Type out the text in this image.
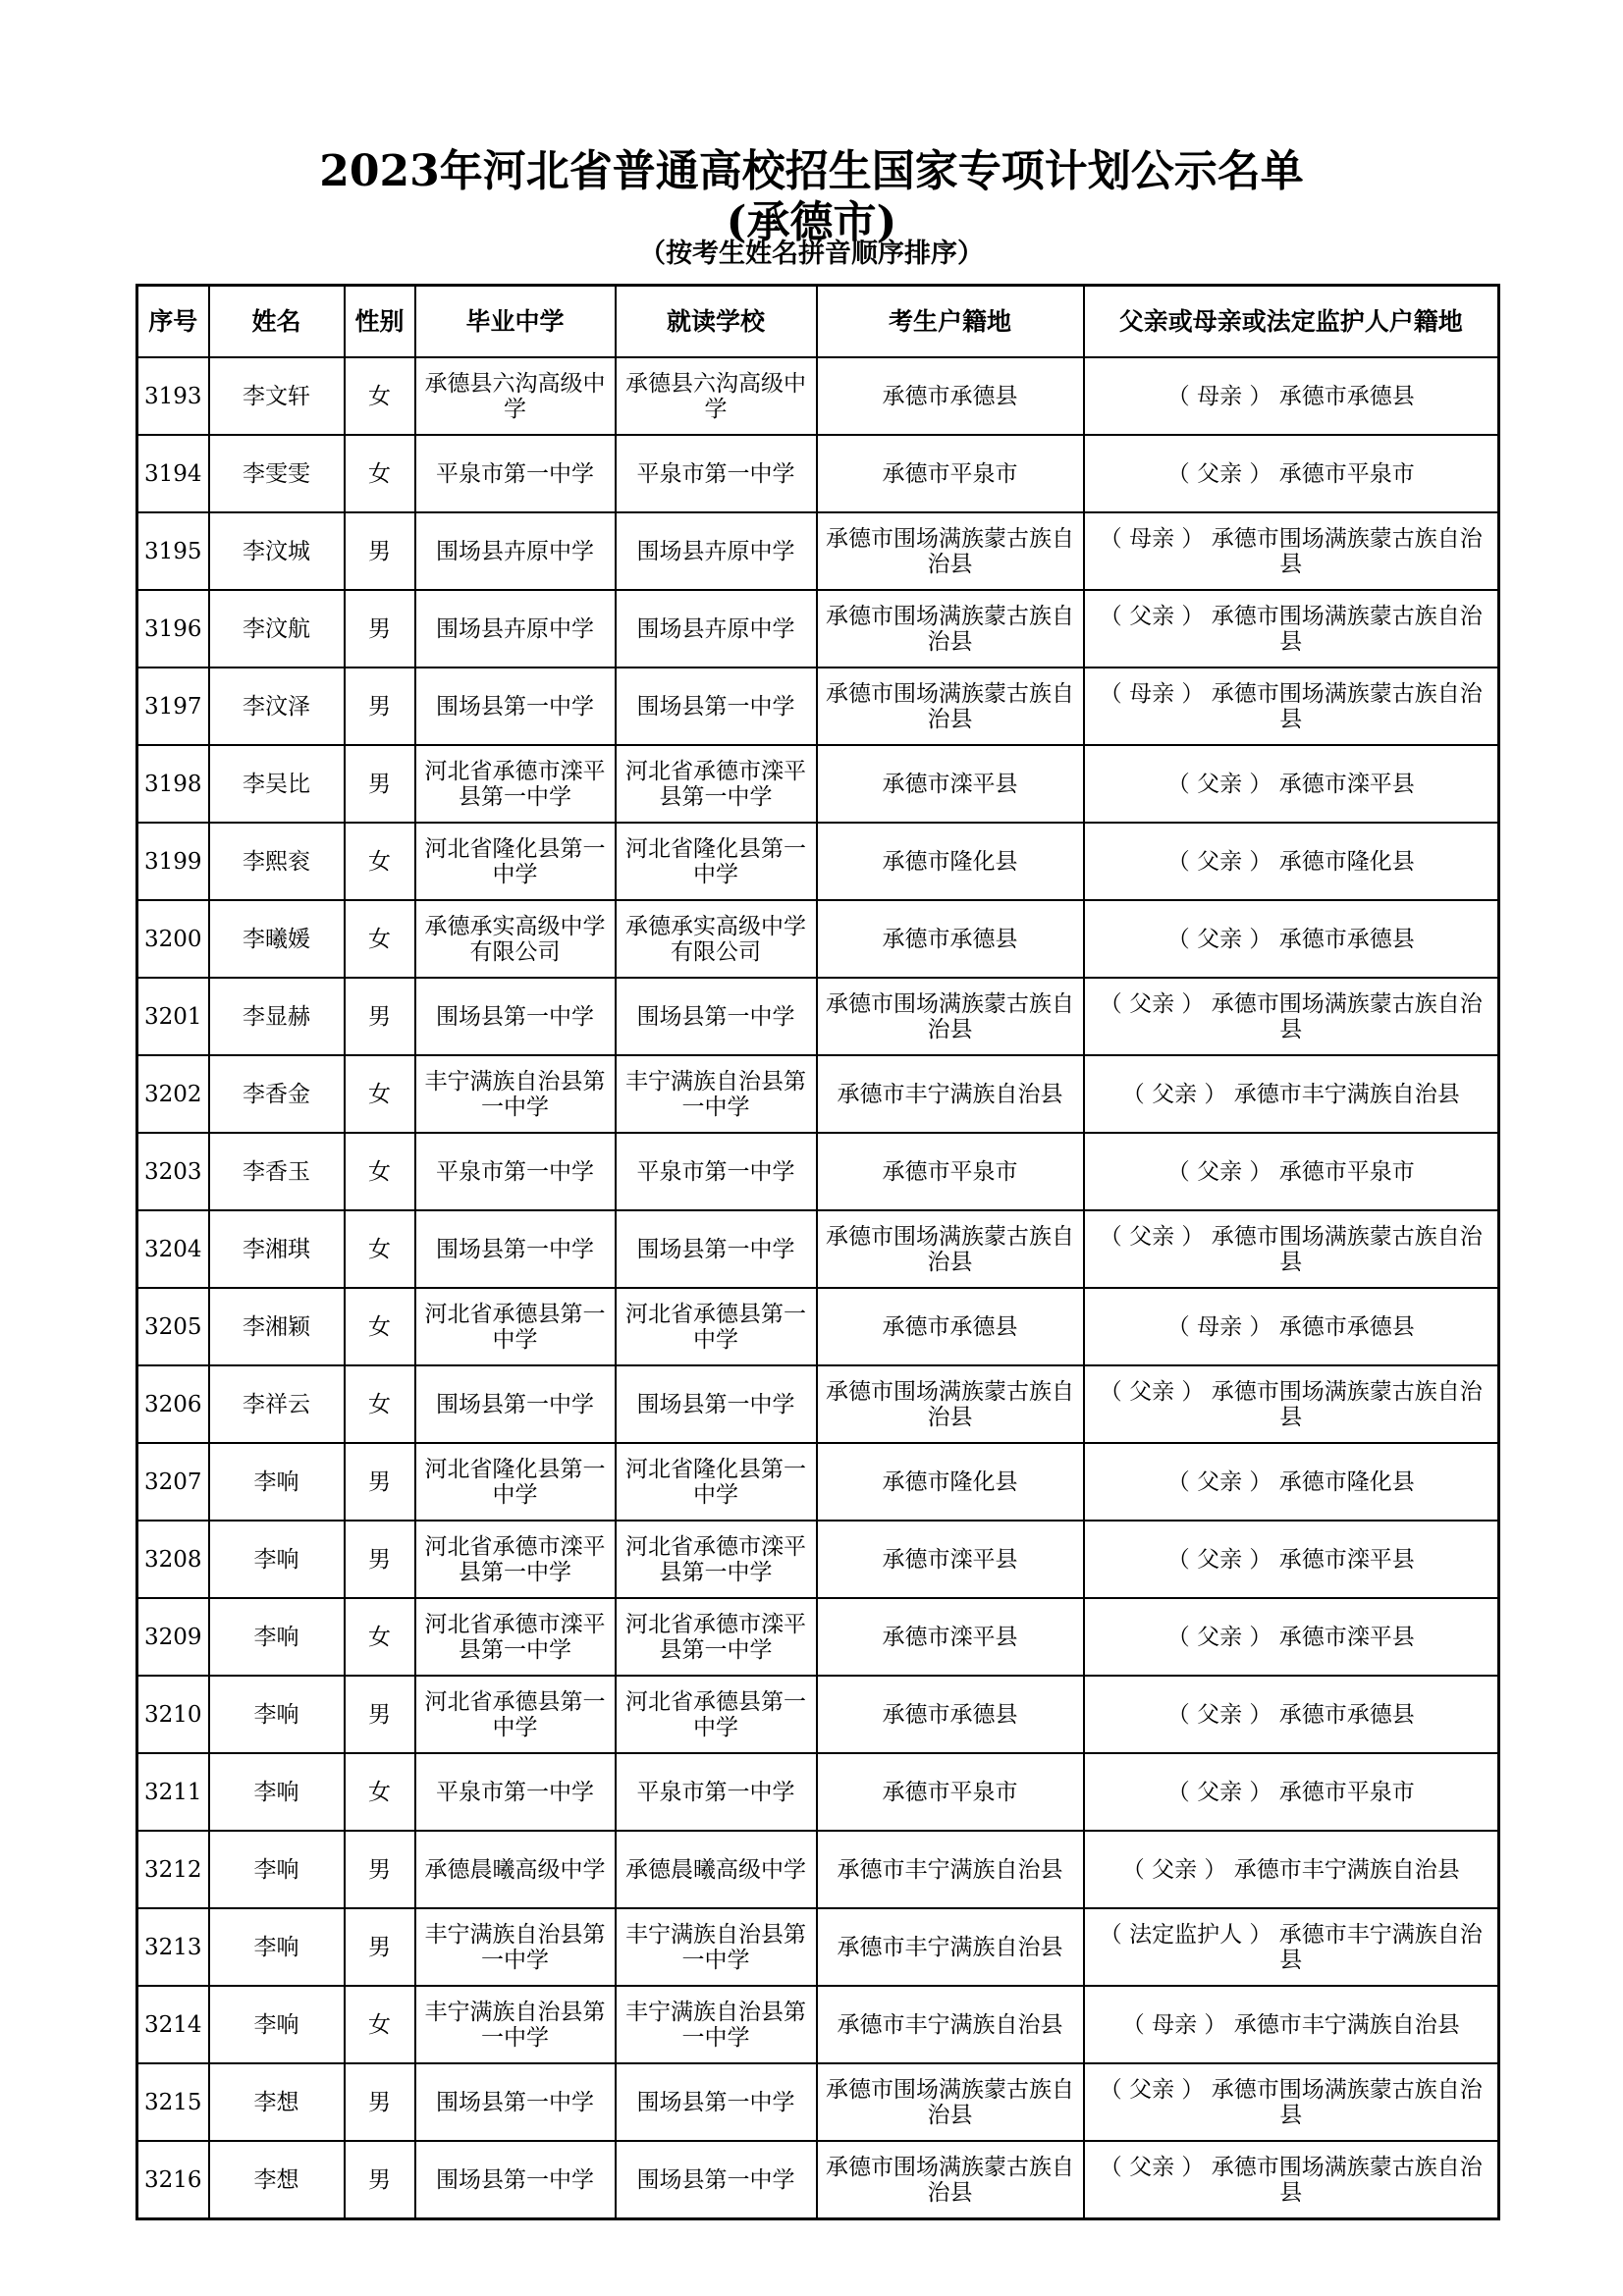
2023年河北省普通高校招生国家专项计划公示名单
(承德市)
（按考生姓名拼音顺序排序）
序号	姓名	性别	毕业中学	就读学校	考生户籍地	父亲或母亲或法定监护人户籍地
3193	李文轩	女	承德县六沟高级中学	承德县六沟高级中学	承德市承德县	（ 母亲 ） 承德市承德县
3194	李雯雯	女	平泉市第一中学	平泉市第一中学	承德市平泉市	（ 父亲 ） 承德市平泉市
3195	李汶城	男	围场县卉原中学	围场县卉原中学	承德市围场满族蒙古族自治县	（ 母亲 ） 承德市围场满族蒙古族自治县
3196	李汶航	男	围场县卉原中学	围场县卉原中学	承德市围场满族蒙古族自治县	（ 父亲 ） 承德市围场满族蒙古族自治县
3197	李汶泽	男	围场县第一中学	围场县第一中学	承德市围场满族蒙古族自治县	（ 母亲 ） 承德市围场满族蒙古族自治县
3198	李吴比	男	河北省承德市滦平县第一中学	河北省承德市滦平县第一中学	承德市滦平县	（ 父亲 ） 承德市滦平县
3199	李熙衮	女	河北省隆化县第一中学	河北省隆化县第一中学	承德市隆化县	（ 父亲 ） 承德市隆化县
3200	李曦媛	女	承德承实高级中学有限公司	承德承实高级中学有限公司	承德市承德县	（ 父亲 ） 承德市承德县
3201	李显赫	男	围场县第一中学	围场县第一中学	承德市围场满族蒙古族自治县	（ 父亲 ） 承德市围场满族蒙古族自治县
3202	李香金	女	丰宁满族自治县第一中学	丰宁满族自治县第一中学	承德市丰宁满族自治县	（ 父亲 ） 承德市丰宁满族自治县
3203	李香玉	女	平泉市第一中学	平泉市第一中学	承德市平泉市	（ 父亲 ） 承德市平泉市
3204	李湘琪	女	围场县第一中学	围场县第一中学	承德市围场满族蒙古族自治县	（ 父亲 ） 承德市围场满族蒙古族自治县
3205	李湘颖	女	河北省承德县第一中学	河北省承德县第一中学	承德市承德县	（ 母亲 ） 承德市承德县
3206	李祥云	女	围场县第一中学	围场县第一中学	承德市围场满族蒙古族自治县	（ 父亲 ） 承德市围场满族蒙古族自治县
3207	李响	男	河北省隆化县第一中学	河北省隆化县第一中学	承德市隆化县	（ 父亲 ） 承德市隆化县
3208	李响	男	河北省承德市滦平县第一中学	河北省承德市滦平县第一中学	承德市滦平县	（ 父亲 ） 承德市滦平县
3209	李响	女	河北省承德市滦平县第一中学	河北省承德市滦平县第一中学	承德市滦平县	（ 父亲 ） 承德市滦平县
3210	李响	男	河北省承德县第一中学	河北省承德县第一中学	承德市承德县	（ 父亲 ） 承德市承德县
3211	李响	女	平泉市第一中学	平泉市第一中学	承德市平泉市	（ 父亲 ） 承德市平泉市
3212	李响	男	承德晨曦高级中学	承德晨曦高级中学	承德市丰宁满族自治县	（ 父亲 ） 承德市丰宁满族自治县
3213	李响	男	丰宁满族自治县第一中学	丰宁满族自治县第一中学	承德市丰宁满族自治县	（ 法定监护人 ） 承德市丰宁满族自治县
3214	李响	女	丰宁满族自治县第一中学	丰宁满族自治县第一中学	承德市丰宁满族自治县	（ 母亲 ） 承德市丰宁满族自治县
3215	李想	男	围场县第一中学	围场县第一中学	承德市围场满族蒙古族自治县	（ 父亲 ） 承德市围场满族蒙古族自治县
3216	李想	男	围场县第一中学	围场县第一中学	承德市围场满族蒙古族自治县	（ 父亲 ） 承德市围场满族蒙古族自治县
